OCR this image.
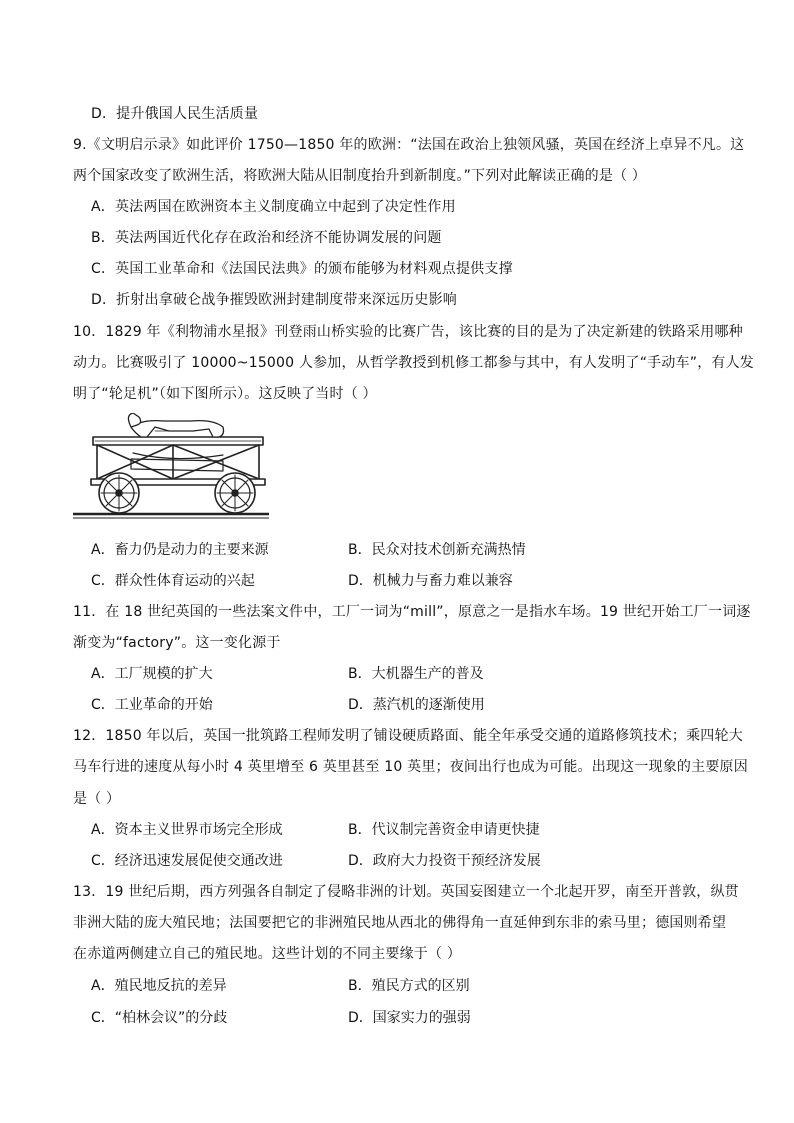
D．提升俄国人民生活质量
9.《文明启示录》如此评价 1750—1850 年的欧洲：“法国在政治上独领风骚，英国在经济上卓异不凡。这
两个国家改变了欧洲生活，将欧洲大陆从旧制度抬升到新制度。”下列对此解读正确的是（ ）
A．英法两国在欧洲资本主义制度确立中起到了决定性作用
B．英法两国近代化存在政治和经济不能协调发展的问题
C．英国工业革命和《法国民法典》的颁布能够为材料观点提供支撑
D．折射出拿破仑战争摧毁欧洲封建制度带来深远历史影响
10．1829 年《利物浦水星报》刊登雨山桥实验的比赛广告，该比赛的目的是为了决定新建的铁路采用哪种
动力。比赛吸引了 10000~15000 人参加，从哲学教授到机修工都参与其中，有人发明了“手动车”，有人发
明了“轮足机”（如下图所示）。这反映了当时（ ）
A．畜力仍是动力的主要来源	B．民众对技术创新充满热情
C．群众性体育运动的兴起	D．机械力与畜力难以兼容
11．在 18 世纪英国的一些法案文件中，工厂一词为“mill”，原意之一是指水车场。19 世纪开始工厂一词逐
渐变为“factory”。这一变化源于
A．工厂规模的扩大	B．大机器生产的普及
C．工业革命的开始	D．蒸汽机的逐渐使用
12．1850 年以后，英国一批筑路工程师发明了铺设硬质路面、能全年承受交通的道路修筑技术；乘四轮大
马车行进的速度从每小时 4 英里增至 6 英里甚至 10 英里；夜间出行也成为可能。出现这一现象的主要原因
是（ ）
A．资本主义世界市场完全形成	B．代议制完善资金申请更快捷
C．经济迅速发展促使交通改进	D．政府大力投资干预经济发展
13．19 世纪后期，西方列强各自制定了侵略非洲的计划。英国妄图建立一个北起开罗，南至开普敦，纵贯
非洲大陆的庞大殖民地；法国要把它的非洲殖民地从西北的佛得角一直延伸到东非的索马里；德国则希望
在赤道两侧建立自己的殖民地。这些计划的不同主要缘于（ ）
A．殖民地反抗的差异	B．殖民方式的区别
C．“柏林会议”的分歧	D．国家实力的强弱
